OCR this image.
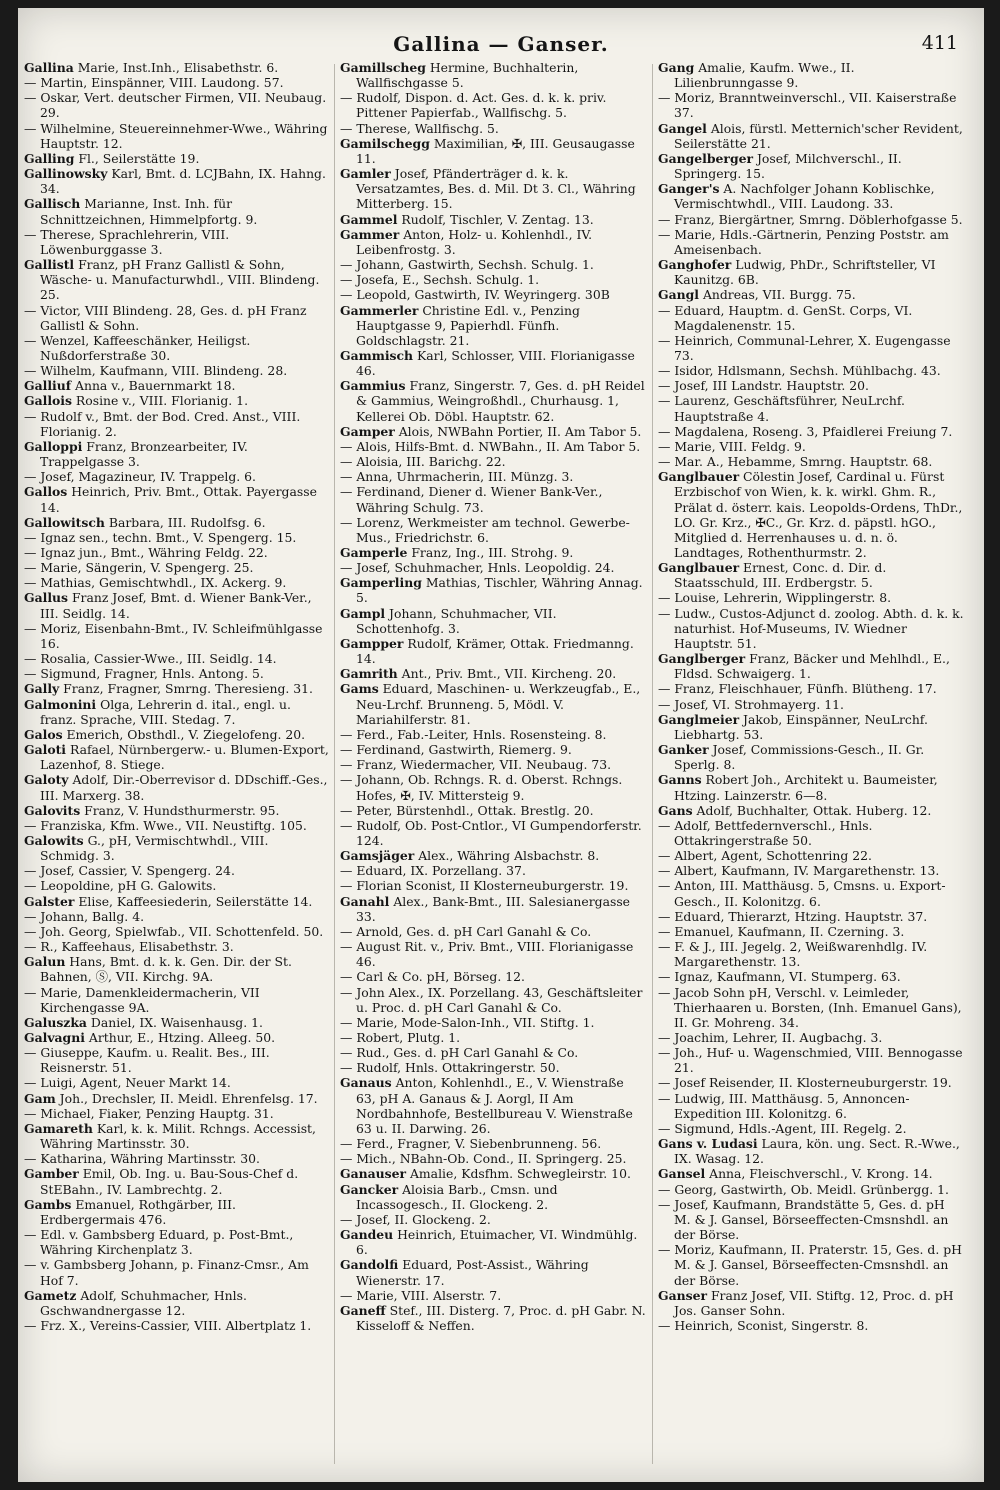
Gallina — Ganser.	411

Gallina Marie, Inst.Inh., Elisabethstr. 6.

— Martin, Einspänner, VIII. Laudong. 57.

— Oskar, Vert. deutscher Firmen, VII. Neubaug. 29.

— Wilhelmine, Steuereinnehmer-Wwe., Währing Hauptstr. 12.

Galling Fl., Seilerstätte 19.

Gallinowsky Karl, Bmt. d. LCJBahn, IX. Hahng. 34.

Gallisch Marianne, Inst. Inh. für Schnittzeichnen, Himmelpfortg. 9.

— Therese, Sprachlehrerin, VIII. Löwenburggasse 3.

Gallistl Franz, pH Franz Gallistl & Sohn, Wäsche- u. Manufacturwhdl., VIII. Blindeng. 25.

— Victor, VIII Blindeng. 28, Ges. d. pH Franz Gallistl & Sohn.

— Wenzel, Kaffeeschänker, Heiligst. Nußdorferstraße 30.

— Wilhelm, Kaufmann, VIII. Blindeng. 28.

Galliuf Anna v., Bauernmarkt 18.

Gallois Rosine v., VIII. Florianig. 1.

— Rudolf v., Bmt. der Bod. Cred. Anst., VIII. Florianig. 2.

Galloppi Franz, Bronzearbeiter, IV. Trappelgasse 3.

— Josef, Magazineur, IV. Trappelg. 6.

Gallos Heinrich, Priv. Bmt., Ottak. Payergasse 14.

Gallowitsch Barbara, III. Rudolfsg. 6.

— Ignaz sen., techn. Bmt., V. Spengerg. 15.

— Ignaz jun., Bmt., Währing Feldg. 22.

— Marie, Sängerin, V. Spengerg. 25.

— Mathias, Gemischtwhdl., IX. Ackerg. 9.

Gallus Franz Josef, Bmt. d. Wiener Bank-Ver., III. Seidlg. 14.

— Moriz, Eisenbahn-Bmt., IV. Schleifmühlgasse 16.

— Rosalia, Cassier-Wwe., III. Seidlg. 14.

— Sigmund, Fragner, Hnls. Antong. 5.

Gally Franz, Fragner, Smrng. Theresieng. 31.

Galmonini Olga, Lehrerin d. ital., engl. u. franz. Sprache, VIII. Stedag. 7.

Galos Emerich, Obsthdl., V. Ziegelofeng. 20.

Galoti Rafael, Nürnbergerw.- u. Blumen-Export, Lazenhof, 8. Stiege.

Galoty Adolf, Dir.-Oberrevisor d. DDschiff.-Ges., III. Marxerg. 38.

Galovits Franz, V. Hundsthurmerstr. 95.

— Franziska, Kfm. Wwe., VII. Neustiftg. 105.

Galowits G., pH, Vermischtwhdl., VIII. Schmidg. 3.

— Josef, Cassier, V. Spengerg. 24.

— Leopoldine, pH G. Galowits.

Galster Elise, Kaffeesiederin, Seilerstätte 14.

— Johann, Ballg. 4.

— Joh. Georg, Spielwfab., VII. Schottenfeld. 50.

— R., Kaffeehaus, Elisabethstr. 3.

Galun Hans, Bmt. d. k. k. Gen. Dir. der St. Bahnen, Ⓢ, VII. Kirchg. 9A.

— Marie, Damenkleidermacherin, VII Kirchengasse 9A.

Galuszka Daniel, IX. Waisenhausg. 1.

Galvagni Arthur, E., Htzing. Alleeg. 50.

— Giuseppe, Kaufm. u. Realit. Bes., III. Reisnerstr. 51.

— Luigi, Agent, Neuer Markt 14.

Gam Joh., Drechsler, II. Meidl. Ehrenfelsg. 17.

— Michael, Fiaker, Penzing Hauptg. 31.

Gamareth Karl, k. k. Milit. Rchngs. Accessist, Währing Martinsstr. 30.

— Katharina, Währing Martinsstr. 30.

Gamber Emil, Ob. Ing. u. Bau-Sous-Chef d. StEBahn., IV. Lambrechtg. 2.

Gambs Emanuel, Rothgärber, III. Erdbergermais 476.

— Edl. v. Gambsberg Eduard, p. Post-Bmt., Währing Kirchenplatz 3.

— v. Gambsberg Johann, p. Finanz-Cmsr., Am Hof 7.

Gametz Adolf, Schuhmacher, Hnls. Gschwandnergasse 12.

— Frz. X., Vereins-Cassier, VIII. Albertplatz 1.

Gamillscheg Hermine, Buchhalterin, Wallfischgasse 5.

— Rudolf, Dispon. d. Act. Ges. d. k. k. priv. Pittener Papierfab., Wallfischg. 5.

— Therese, Wallfischg. 5.

Gamilschegg Maximilian, ✠, III. Geusaugasse 11.

Gamler Josef, Pfänderträger d. k. k. Versatzamtes, Bes. d. Mil. Dt 3. Cl., Währing Mitterberg. 15.

Gammel Rudolf, Tischler, V. Zentag. 13.

Gammer Anton, Holz- u. Kohlenhdl., IV. Leibenfrostg. 3.

— Johann, Gastwirth, Sechsh. Schulg. 1.

— Josefa, E., Sechsh. Schulg. 1.

— Leopold, Gastwirth, IV. Weyringerg. 30B

Gammerler Christine Edl. v., Penzing Hauptgasse 9, Papierhdl. Fünfh. Goldschlagstr. 21.

Gammisch Karl, Schlosser, VIII. Florianigasse 46.

Gammius Franz, Singerstr. 7, Ges. d. pH Reidel & Gammius, Weingroßhdl., Churhausg. 1, Kellerei Ob. Döbl. Hauptstr. 62.

Gamper Alois, NWBahn Portier, II. Am Tabor 5.

— Alois, Hilfs-Bmt. d. NWBahn., II. Am Tabor 5.

— Aloisia, III. Barichg. 22.

— Anna, Uhrmacherin, III. Münzg. 3.

— Ferdinand, Diener d. Wiener Bank-Ver., Währing Schulg. 73.

— Lorenz, Werkmeister am technol. Gewerbe-Mus., Friedrichstr. 6.

Gamperle Franz, Ing., III. Strohg. 9.

— Josef, Schuhmacher, Hnls. Leopoldig. 24.

Gamperling Mathias, Tischler, Währing Annag. 5.

Gampl Johann, Schuhmacher, VII. Schottenhofg. 3.

Gampper Rudolf, Krämer, Ottak. Friedmanng. 14.

Gamrith Ant., Priv. Bmt., VII. Kircheng. 20.

Gams Eduard, Maschinen- u. Werkzeugfab., E., Neu-Lrchf. Brunneng. 5, Mödl. V. Mariahilferstr. 81.

— Ferd., Fab.-Leiter, Hnls. Rosensteing. 8.

— Ferdinand, Gastwirth, Riemerg. 9.

— Franz, Wiedermacher, VII. Neubaug. 73.

— Johann, Ob. Rchngs. R. d. Oberst. Rchngs. Hofes, ✠, IV. Mittersteig 9.

— Peter, Bürstenhdl., Ottak. Brestlg. 20.

— Rudolf, Ob. Post-Cntlor., VI Gumpendorferstr. 124.

Gamsjäger Alex., Währing Alsbachstr. 8.

— Eduard, IX. Porzellang. 37.

— Florian Sconist, II Klosterneuburgerstr. 19.

Ganahl Alex., Bank-Bmt., III. Salesianergasse 33.

— Arnold, Ges. d. pH Carl Ganahl & Co.

— August Rit. v., Priv. Bmt., VIII. Florianigasse 46.

— Carl & Co. pH, Börseg. 12.

— John Alex., IX. Porzellang. 43, Geschäftsleiter u. Proc. d. pH Carl Ganahl & Co.

— Marie, Mode-Salon-Inh., VII. Stiftg. 1.

— Robert, Plutg. 1.

— Rud., Ges. d. pH Carl Ganahl & Co.

— Rudolf, Hnls. Ottakringerstr. 50.

Ganaus Anton, Kohlenhdl., E., V. Wienstraße 63, pH A. Ganaus & J. Aorgl, II Am Nordbahnhofe, Bestellbureau V. Wienstraße 63 u. II. Darwing. 26.

— Ferd., Fragner, V. Siebenbrunneng. 56.

— Mich., NBahn-Ob. Cond., II. Springerg. 25.

Ganauser Amalie, Kdsfhm. Schwegleirstr. 10.

Gancker Aloisia Barb., Cmsn. und Incassogesch., II. Glockeng. 2.

— Josef, II. Glockeng. 2.

Gandeu Heinrich, Etuimacher, VI. Windmühlg. 6.

Gandolfi Eduard, Post-Assist., Währing Wienerstr. 17.

— Marie, VIII. Alserstr. 7.

Ganeff Stef., III. Disterg. 7, Proc. d. pH Gabr. N. Kisseloff & Neffen.

Gang Amalie, Kaufm. Wwe., II. Lilienbrunngasse 9.

— Moriz, Branntweinverschl., VII. Kaiserstraße 37.

Gangel Alois, fürstl. Metternich'scher Revident, Seilerstätte 21.

Gangelberger Josef, Milchverschl., II. Springerg. 15.

Ganger's A. Nachfolger Johann Koblischke, Vermischtwhdl., VIII. Laudong. 33.

— Franz, Biergärtner, Smrng. Döblerhofgasse 5.

— Marie, Hdls.-Gärtnerin, Penzing Poststr. am Ameisenbach.

Ganghofer Ludwig, PhDr., Schriftsteller, VI Kaunitzg. 6B.

Gangl Andreas, VII. Burgg. 75.

— Eduard, Hauptm. d. GenSt. Corps, VI. Magdalenenstr. 15.

— Heinrich, Communal-Lehrer, X. Eugengasse 73.

— Isidor, Hdlsmann, Sechsh. Mühlbachg. 43.

— Josef, III Landstr. Hauptstr. 20.

— Laurenz, Geschäftsführer, NeuLrchf. Hauptstraße 4.

— Magdalena, Roseng. 3, Pfaidlerei Freiung 7.

— Marie, VIII. Feldg. 9.

— Mar. A., Hebamme, Smrng. Hauptstr. 68.

Ganglbauer Cölestin Josef, Cardinal u. Fürst Erzbischof von Wien, k. k. wirkl. Ghm. R., Prälat d. österr. kais. Leopolds-Ordens, ThDr., LO. Gr. Krz., ✠C., Gr. Krz. d. päpstl. hGO., Mitglied d. Herrenhauses u. d. n. ö. Landtages, Rothenthurmstr. 2.

Ganglbauer Ernest, Conc. d. Dir. d. Staatsschuld, III. Erdbergstr. 5.

— Louise, Lehrerin, Wipplingerstr. 8.

— Ludw., Custos-Adjunct d. zoolog. Abth. d. k. k. naturhist. Hof-Museums, IV. Wiedner Hauptstr. 51.

Ganglberger Franz, Bäcker und Mehlhdl., E., Fldsd. Schwaigerg. 1.

— Franz, Fleischhauer, Fünfh. Blütheng. 17.

— Josef, VI. Strohmayerg. 11.

Ganglmeier Jakob, Einspänner, NeuLrchf. Liebhartg. 53.

Ganker Josef, Commissions-Gesch., II. Gr. Sperlg. 8.

Ganns Robert Joh., Architekt u. Baumeister, Htzing. Lainzerstr. 6—8.

Gans Adolf, Buchhalter, Ottak. Huberg. 12.

— Adolf, Bettfedernverschl., Hnls. Ottakringerstraße 50.

— Albert, Agent, Schottenring 22.

— Albert, Kaufmann, IV. Margarethenstr. 13.

— Anton, III. Matthäusg. 5, Cmsns. u. Export-Gesch., II. Kolonitzg. 6.

— Eduard, Thierarzt, Htzing. Hauptstr. 37.

— Emanuel, Kaufmann, II. Czerning. 3.

— F. & J., III. Jegelg. 2, Weißwarenhdlg. IV. Margarethenstr. 13.

— Ignaz, Kaufmann, VI. Stumperg. 63.

— Jacob Sohn pH, Verschl. v. Leimleder, Thierhaaren u. Borsten, (Inh. Emanuel Gans), II. Gr. Mohreng. 34.

— Joachim, Lehrer, II. Augbachg. 3.

— Joh., Huf- u. Wagenschmied, VIII. Bennogasse 21.

— Josef Reisender, II. Klosterneuburgerstr. 19.

— Ludwig, III. Matthäusg. 5, Annoncen-Expedition III. Kolonitzg. 6.

— Sigmund, Hdls.-Agent, III. Regelg. 2.

Gans v. Ludasi Laura, kön. ung. Sect. R.-Wwe., IX. Wasag. 12.

Gansel Anna, Fleischverschl., V. Krong. 14.

— Georg, Gastwirth, Ob. Meidl. Grünbergg. 1.

— Josef, Kaufmann, Brandstätte 5, Ges. d. pH M. & J. Gansel, Börseeffecten-Cmsnshdl. an der Börse.

— Moriz, Kaufmann, II. Praterstr. 15, Ges. d. pH M. & J. Gansel, Börseeffecten-Cmsnshdl. an der Börse.

Ganser Franz Josef, VII. Stiftg. 12, Proc. d. pH Jos. Ganser Sohn.

— Heinrich, Sconist, Singerstr. 8.
